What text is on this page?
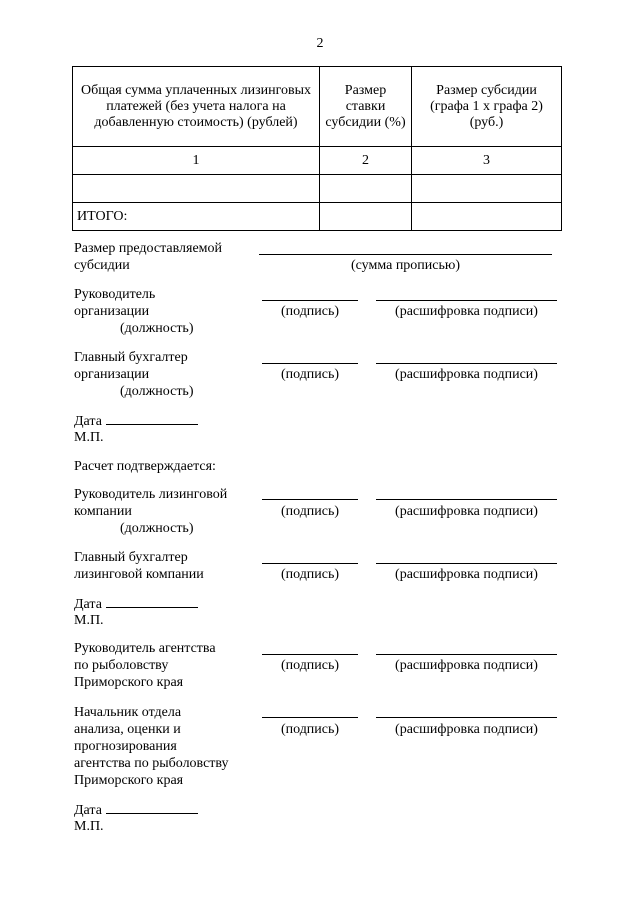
2
Общая сумма уплаченных лизинговых платежей (без учета налога на добавленную стоимость) (рублей)	Размер ставки субсидии (%)	Размер субсидии (графа 1 х графа 2) (руб.)
1	2	3

ИТОГО:		
Размер предоставляемой
субсидии	(сумма прописью)
Руководитель
организации
(должность)
(подпись)	(расшифровка подписи)
Главный бухгалтер
организации
(должность)
(подпись)	(расшифровка подписи)
Дата
М.П.
Расчет подтверждается:
Руководитель лизинговой
компании
(должность)
(подпись)	(расшифровка подписи)
Главный бухгалтер
лизинговой компании	(подпись)	(расшифровка подписи)
Дата
М.П.
Руководитель агентства
по рыболовству
Приморского края
(подпись)	(расшифровка подписи)
Начальник отдела
анализа, оценки и
прогнозирования
агентства по рыболовству
Приморского края
(подпись)	(расшифровка подписи)
Дата
М.П.
